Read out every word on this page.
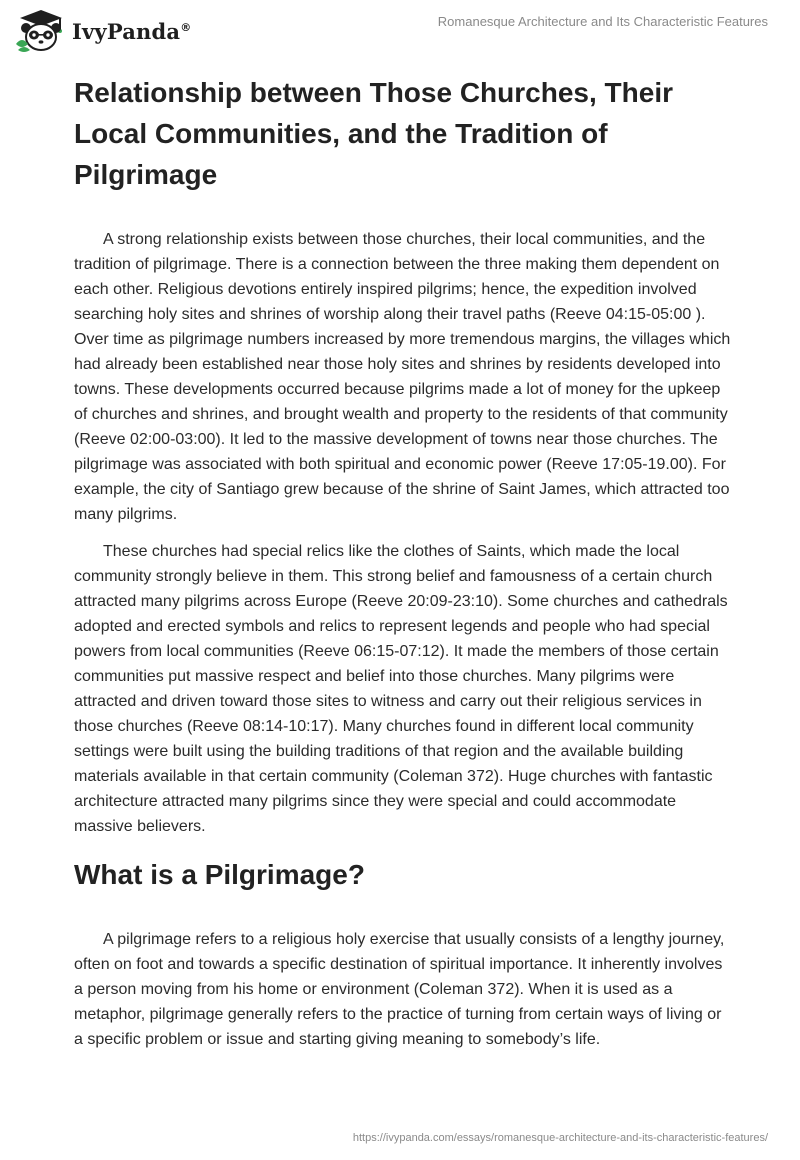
IvyPanda®	Romanesque Architecture and Its Characteristic Features
Relationship between Those Churches, Their Local Communities, and the Tradition of Pilgrimage

A strong relationship exists between those churches, their local communities, and the tradition of pilgrimage. There is a connection between the three making them dependent on each other. Religious devotions entirely inspired pilgrims; hence, the expedition involved searching holy sites and shrines of worship along their travel paths (Reeve 04:15-05:00 ). Over time as pilgrimage numbers increased by more tremendous margins, the villages which had already been established near those holy sites and shrines by residents developed into towns. These developments occurred because pilgrims made a lot of money for the upkeep of churches and shrines, and brought wealth and property to the residents of that community (Reeve 02:00-03:00). It led to the massive development of towns near those churches. The pilgrimage was associated with both spiritual and economic power (Reeve 17:05-19.00). For example, the city of Santiago grew because of the shrine of Saint James, which attracted too many pilgrims.

These churches had special relics like the clothes of Saints, which made the local community strongly believe in them. This strong belief and famousness of a certain church attracted many pilgrims across Europe (Reeve 20:09-23:10). Some churches and cathedrals adopted and erected symbols and relics to represent legends and people who had special powers from local communities (Reeve 06:15-07:12). It made the members of those certain communities put massive respect and belief into those churches. Many pilgrims were attracted and driven toward those sites to witness and carry out their religious services in those churches (Reeve 08:14-10:17). Many churches found in different local community settings were built using the building traditions of that region and the available building materials available in that certain community (Coleman 372). Huge churches with fantastic architecture attracted many pilgrims since they were special and could accommodate massive believers.

What is a Pilgrimage?

A pilgrimage refers to a religious holy exercise that usually consists of a lengthy journey, often on foot and towards a specific destination of spiritual importance. It inherently involves a person moving from his home or environment (Coleman 372). When it is used as a metaphor, pilgrimage generally refers to the practice of turning from certain ways of living or a specific problem or issue and starting giving meaning to somebody’s life.

https://ivypanda.com/essays/romanesque-architecture-and-its-characteristic-features/
